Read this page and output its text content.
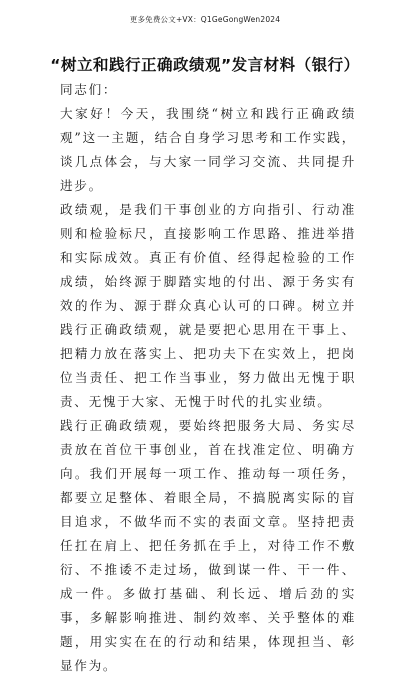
更多免费公文+VX：Q1GeGongWen2024
“树立和践行正确政绩观”发言材料（银行）

同志们：

大家好！今天，我围绕“树立和践行正确政绩观”这一主题，结合自身学习思考和工作实践，谈几点体会，与大家一同学习交流、共同提升进步。

政绩观，是我们干事创业的方向指引、行动准则和检验标尺，直接影响工作思路、推进举措和实际成效。真正有价值、经得起检验的工作成绩，始终源于脚踏实地的付出、源于务实有效的作为、源于群众真心认可的口碑。树立并践行正确政绩观，就是要把心思用在干事上、把精力放在落实上、把功夫下在实效上，把岗位当责任、把工作当事业，努力做出无愧于职责、无愧于大家、无愧于时代的扎实业绩。

践行正确政绩观，要始终把服务大局、务实尽责放在首位干事创业，首在找准定位、明确方向。我们开展每一项工作、推动每一项任务，都要立足整体、着眼全局，不搞脱离实际的盲目追求，不做华而不实的表面文章。坚持把责任扛在肩上、把任务抓在手上，对待工作不敷衍、不推诿不走过场，做到谋一件、干一件、成一件。多做打基础、利长远、增后劲的实事，多解影响推进、制约效率、关乎整体的难题，用实实在在的行动和结果，体现担当、彰显作为。
